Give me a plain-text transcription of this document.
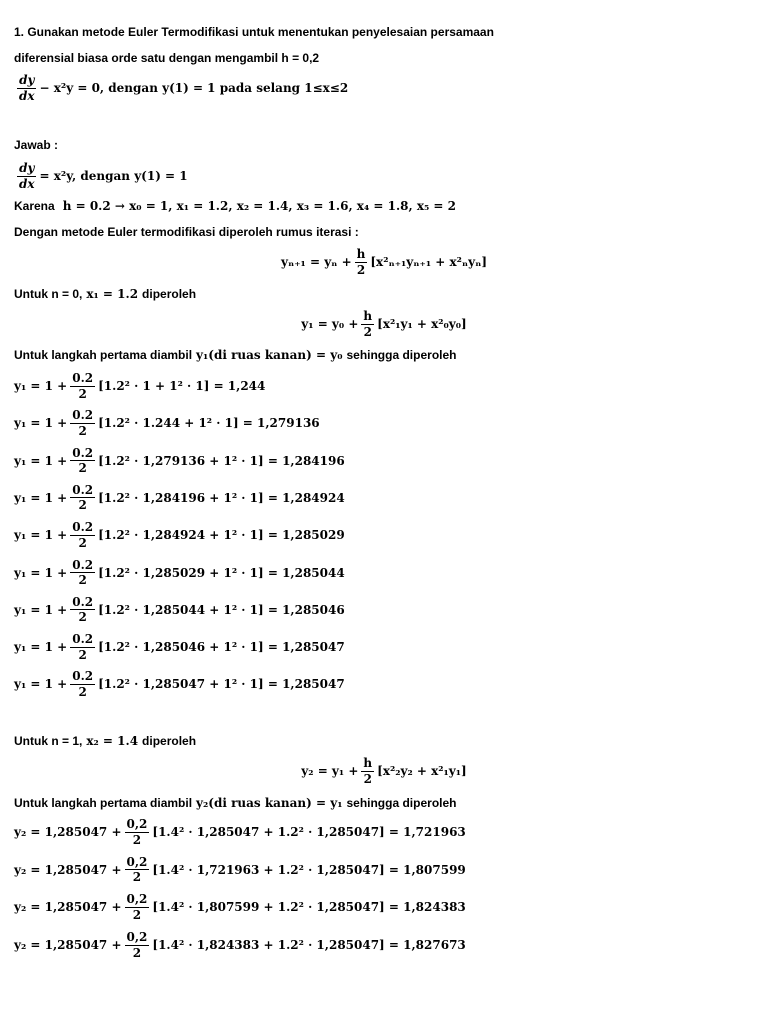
1. Gunakan metode Euler Termodifikasi untuk menentukan penyelesaian persamaan
diferensial biasa orde satu dengan mengambil h = 0,2
$\frac{dy}{dx} - x^2y = 0$, dengan y(1) = 1 pada selang 1≤x≤2
Jawab :
$\frac{dy}{dx} = x^2y$, dengan y(1) = 1
Karena h = 0.2 → x₀ = 1, x₁ = 1.2, x₂ = 1.4, x₃ = 1.6, x₄ = 1.8, x₅ = 2
Dengan metode Euler termodifikasi diperoleh rumus iterasi :
$y_{n+1} = y_n + \frac{h}{2} [x^2_{n+1}y_{n+1} + x^2_ny_n]$
Untuk n = 0, x₁ = 1.2 diperoleh
$y_1 = y_0 + \frac{h}{2} [x^2_1y_1 + x^2_0y_0]$
Untuk langkah pertama diambil y₁(di ruas kanan) = y₀ sehingga diperoleh
$y_1 = 1 + \frac{0.2}{2} [1.2^2 \cdot 1 + 1^2 \cdot 1] = 1,244$
$y_1 = 1 + \frac{0.2}{2} [1.2^2 \cdot 1.244 + 1^2 \cdot 1] = 1,279136$
$y_1 = 1 + \frac{0.2}{2} [1.2^2 \cdot 1,279136 + 1^2 \cdot 1] = 1,284196$
$y_1 = 1 + \frac{0.2}{2} [1.2^2 \cdot 1,284196 + 1^2 \cdot 1] = 1,284924$
$y_1 = 1 + \frac{0.2}{2} [1.2^2 \cdot 1,284924 + 1^2 \cdot 1] = 1,285029$
$y_1 = 1 + \frac{0.2}{2} [1.2^2 \cdot 1,285029 + 1^2 \cdot 1] = 1,285044$
$y_1 = 1 + \frac{0.2}{2} [1.2^2 \cdot 1,285044 + 1^2 \cdot 1] = 1,285046$
$y_1 = 1 + \frac{0.2}{2} [1.2^2 \cdot 1,285046 + 1^2 \cdot 1] = 1,285047$
$y_1 = 1 + \frac{0.2}{2} [1.2^2 \cdot 1,285047 + 1^2 \cdot 1] = 1,285047$
Untuk n = 1, x₂ = 1.4 diperoleh
$y_2 = y_1 + \frac{h}{2} [x^2_2y_2 + x^2_1y_1]$
Untuk langkah pertama diambil y₂(di ruas kanan) = y₁ sehingga diperoleh
$y_2 = 1,285047 + \frac{0,2}{2} [1.4^2 \cdot 1,285047 + 1.2^2 \cdot 1,285047] = 1,721963$
$y_2 = 1,285047 + \frac{0,2}{2} [1.4^2 \cdot 1,721963 + 1.2^2 \cdot 1,285047] = 1,807599$
$y_2 = 1,285047 + \frac{0,2}{2} [1.4^2 \cdot 1,807599 + 1.2^2 \cdot 1,285047] = 1,824383$
$y_2 = 1,285047 + \frac{0,2}{2} [1.4^2 \cdot 1,824383 + 1.2^2 \cdot 1,285047] = 1,827673$
